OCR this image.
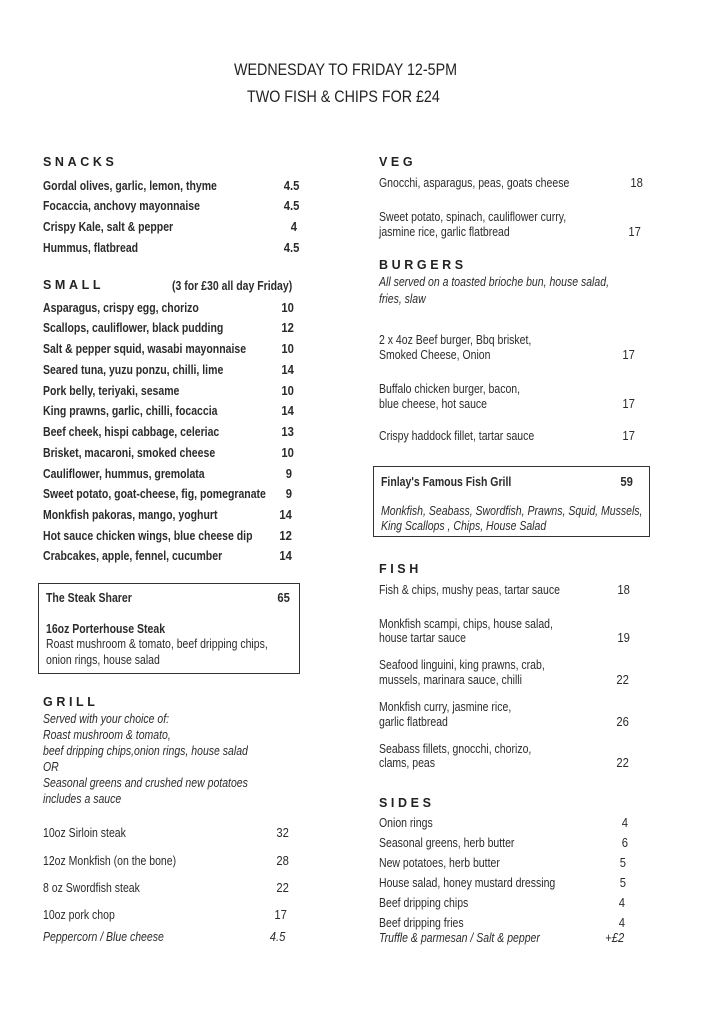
WEDNESDAY TO FRIDAY 12-5PM
TWO FISH & CHIPS FOR £24
SNACKS
Gordal olives, garlic, lemon, thyme	4.5
Focaccia, anchovy mayonnaise	4.5
Crispy Kale, salt & pepper	4
Hummus, flatbread	4.5
SMALL	(3 for £30 all day Friday)
Asparagus, crispy egg, chorizo	10
Scallops, cauliflower, black pudding	12
Salt & pepper squid, wasabi mayonnaise	10
Seared tuna, yuzu ponzu, chilli, lime	14
Pork belly, teriyaki, sesame	10
King prawns, garlic, chilli, focaccia	14
Beef cheek, hispi cabbage, celeriac	13
Brisket, macaroni, smoked cheese	10
Cauliflower, hummus, gremolata	9
Sweet potato, goat-cheese, fig, pomegranate 9
Monkfish pakoras, mango, yoghurt	14
Hot sauce chicken wings, blue cheese dip 12
Crabcakes, apple, fennel, cucumber	14
The Steak Sharer	65
16oz Porterhouse Steak
Roast mushroom & tomato, beef dripping chips,
onion rings, house salad
GRILL
Served with your choice of:
Roast mushroom & tomato,
beef dripping chips,onion rings, house salad
OR
Seasonal greens and crushed new potatoes
includes a sauce
10oz Sirloin steak	32
12oz Monkfish (on the bone)	28
8 oz Swordfish steak	22
10oz pork chop	17
Peppercorn / Blue cheese	4.5
VEG
Gnocchi, asparagus, peas, goats cheese	18
Sweet potato, spinach, cauliflower curry,
jasmine rice, garlic flatbread	17
BURGERS
All served on a toasted brioche bun, house salad,
fries, slaw
2 x 4oz Beef burger, Bbq brisket,
Smoked Cheese, Onion	17
Buffalo chicken burger, bacon,
blue cheese, hot sauce	17
Crispy haddock fillet, tartar sauce	17
Finlay's Famous Fish Grill	59
Monkfish, Seabass, Swordfish, Prawns, Squid, Mussels,
King Scallops , Chips, House Salad
FISH
Fish & chips, mushy peas, tartar sauce	18
Monkfish scampi, chips, house salad,
house tartar sauce	19
Seafood linguini, king prawns, crab,
mussels, marinara sauce, chilli	22
Monkfish curry, jasmine rice,
garlic flatbread	26
Seabass fillets, gnocchi, chorizo,
clams, peas	22
SIDES
Onion rings	4
Seasonal greens, herb butter	6
New potatoes, herb butter	5
House salad, honey mustard dressing	5
Beef dripping chips	4
Beef dripping fries	4
Truffle & parmesan / Salt & pepper	+£2
